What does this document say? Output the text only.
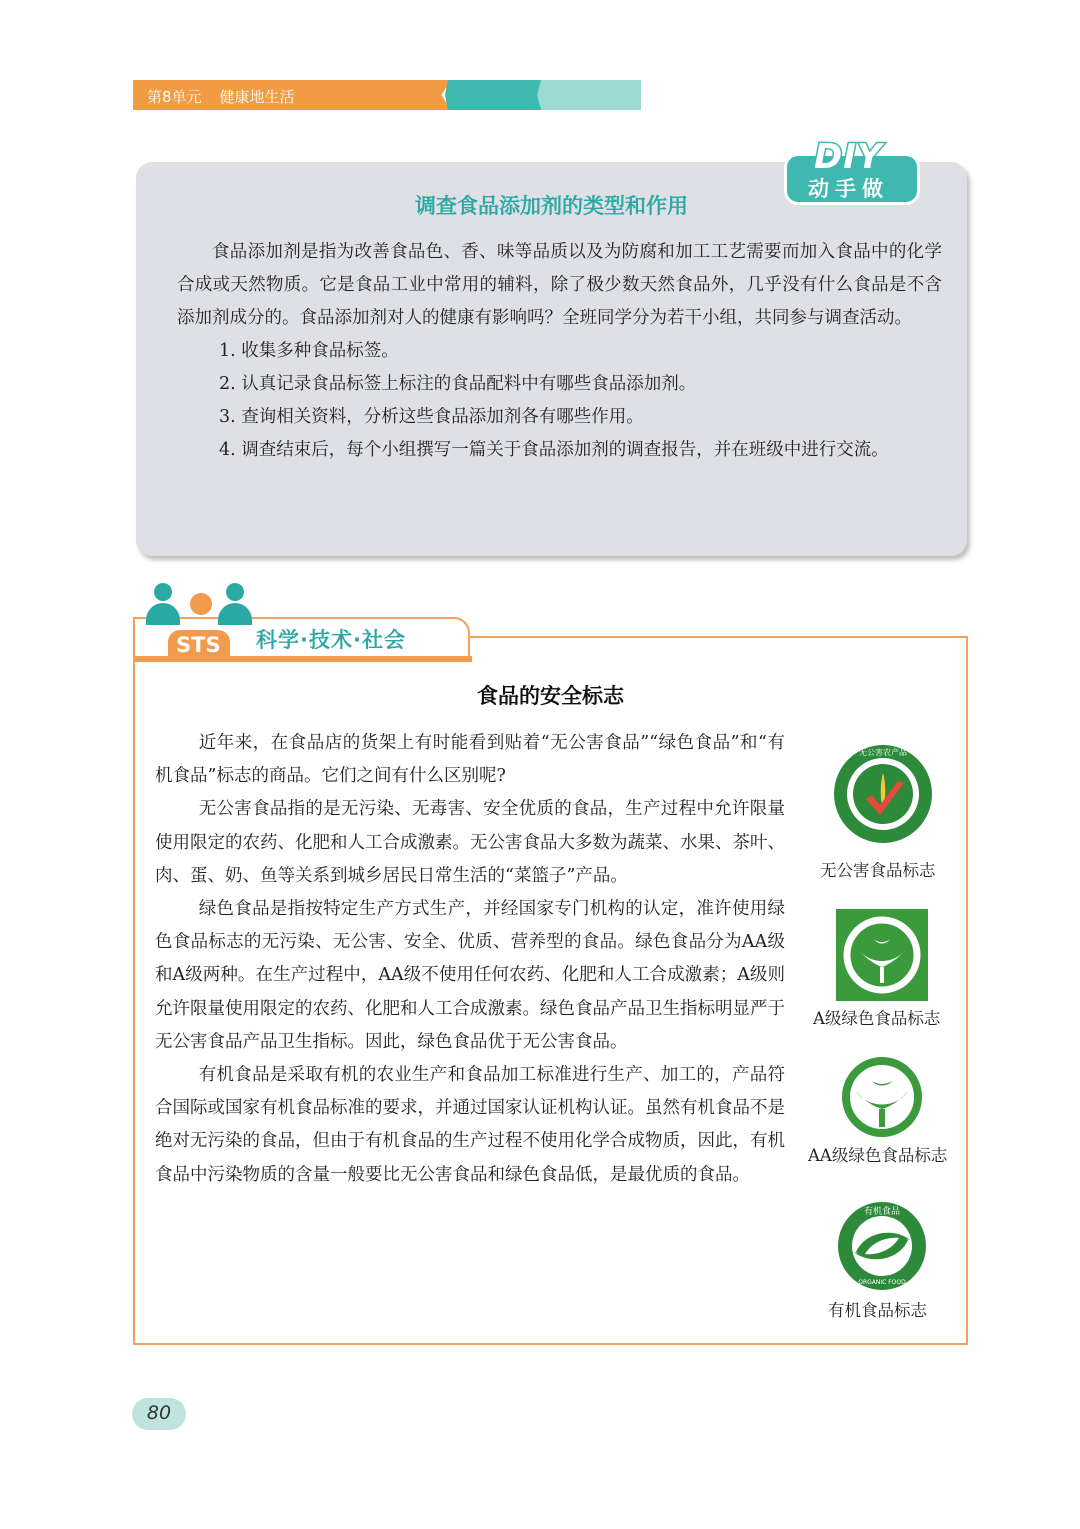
第8单元 健康地生活
DIY
动手做
调查食品添加剂的类型和作用

食品添加剂是指为改善食品色、香、味等品质以及为防腐和加工工艺需要而加入食品中的化学合成或天然物质。它是食品工业中常用的辅料，除了极少数天然食品外，几乎没有什么食品是不含添加剂成分的。食品添加剂对人的健康有影响吗？全班同学分为若干小组，共同参与调查活动。

1. 收集多种食品标签。

2. 认真记录食品标签上标注的食品配料中有哪些食品添加剂。

3. 查询相关资料，分析这些食品添加剂各有哪些作用。

4. 调查结束后，每个小组撰写一篇关于食品添加剂的调查报告，并在班级中进行交流。

STS 科学·技术·社会
食品的安全标志

近年来，在食品店的货架上有时能看到贴着“无公害食品”“绿色食品”和“有机食品”标志的商品。它们之间有什么区别呢?

无公害食品指的是无污染、无毒害、安全优质的食品，生产过程中允许限量使用限定的农药、化肥和人工合成激素。无公害食品大多数为蔬菜、水果、茶叶、肉、蛋、奶、鱼等关系到城乡居民日常生活的“菜篮子”产品。

绿色食品是指按特定生产方式生产，并经国家专门机构的认定，准许使用绿色食品标志的无污染、无公害、安全、优质、营养型的食品。绿色食品分为AA级和A级两种。在生产过程中，AA级不使用任何农药、化肥和人工合成激素；A级则允许限量使用限定的农药、化肥和人工合成激素。绿色食品产品卫生指标明显严于无公害食品产品卫生指标。因此，绿色食品优于无公害食品。

有机食品是采取有机的农业生产和食品加工标准进行生产、加工的，产品符合国际或国家有机食品标准的要求，并通过国家认证机构认证。虽然有机食品不是绝对无污染的食品，但由于有机食品的生产过程不使用化学合成物质，因此，有机食品中污染物质的含量一般要比无公害食品和绿色食品低，是最优质的食品。

无公害农产品
无公害食品标志
A级绿色食品标志
AA级绿色食品标志
有机食品
ORGANIC FOOD
有机食品标志
80
